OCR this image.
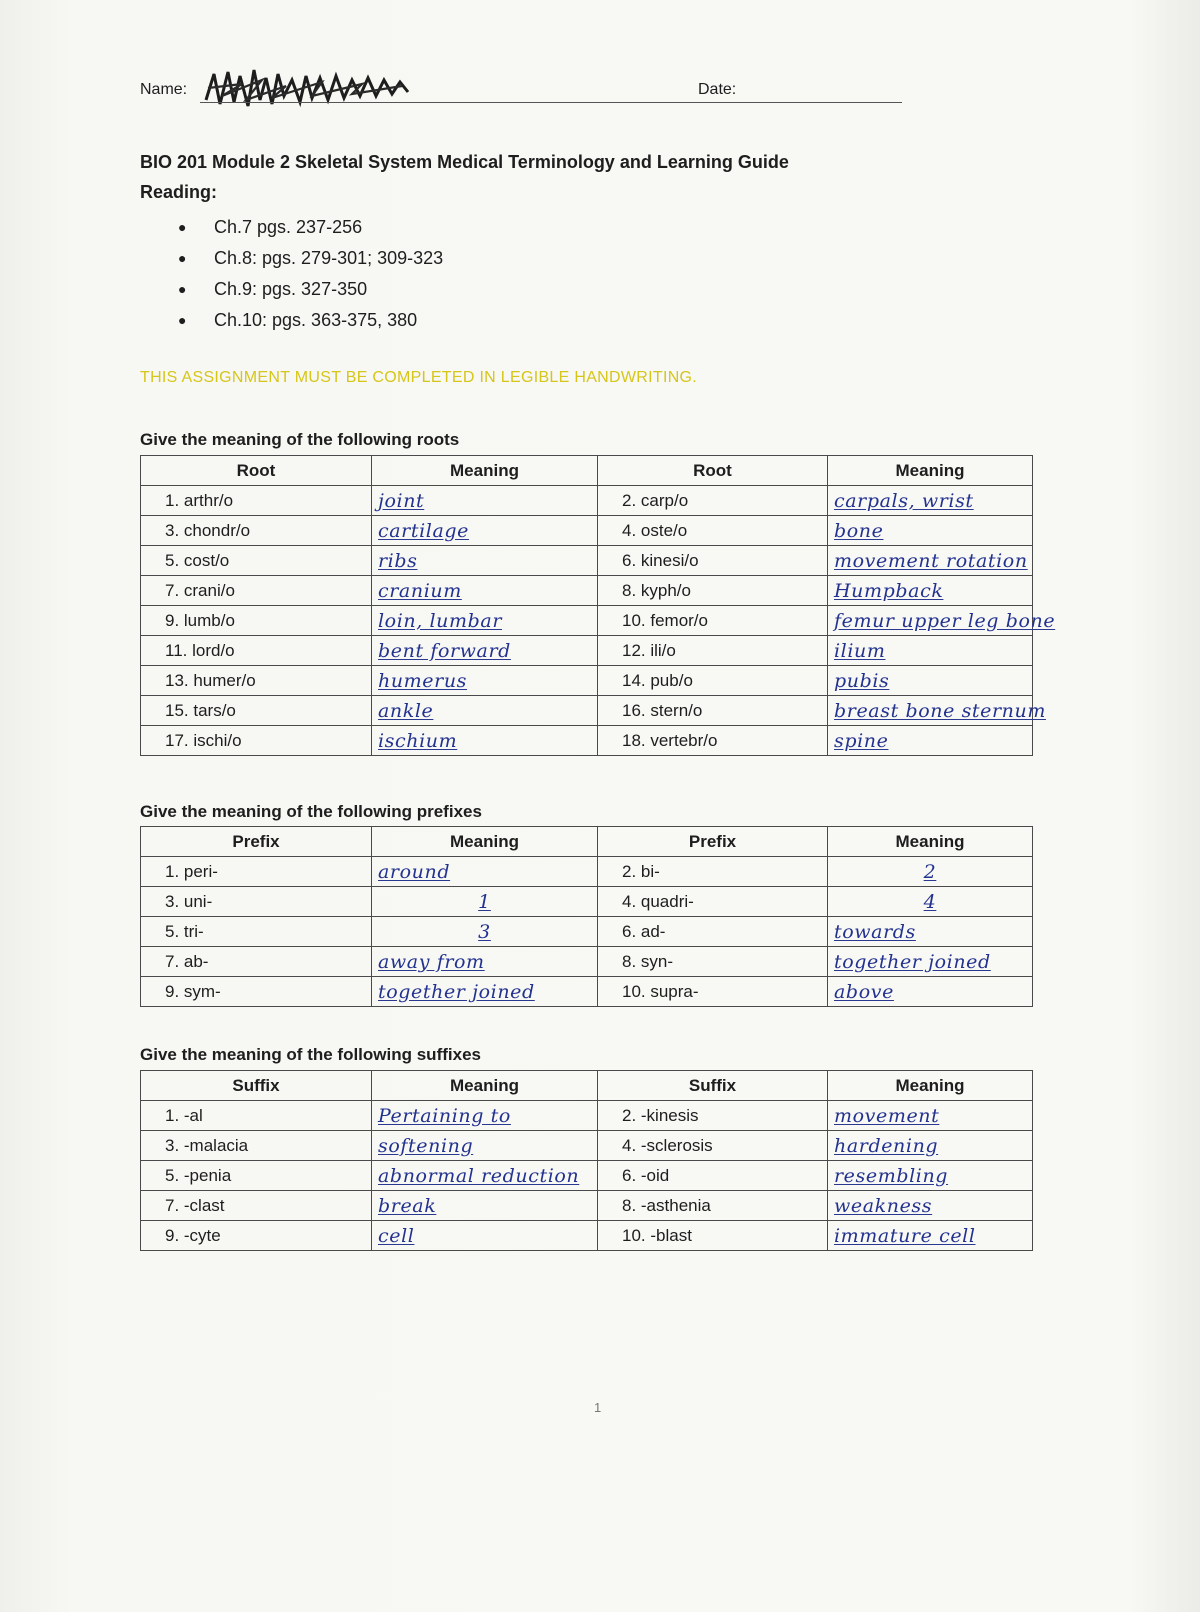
Name:	Date:
BIO 201 Module 2 Skeletal System Medical Terminology and Learning Guide
Reading:
● Ch.7 pgs. 237-256
● Ch.8: pgs. 279-301; 309-323
● Ch.9: pgs. 327-350
● Ch.10: pgs. 363-375, 380
THIS ASSIGNMENT MUST BE COMPLETED IN LEGIBLE HANDWRITING.
Give the meaning of the following roots
Root	Meaning	Root	Meaning
1. arthr/o	joint	2. carp/o	carpals, wrist
3. chondr/o	cartilage	4. oste/o	bone
5. cost/o	ribs	6. kinesi/o	movement rotation
7. crani/o	cranium	8. kyph/o	Humpback
9. lumb/o	loin, lumbar	10. femor/o	femur upper leg bone
11. lord/o	bent forward	12. ili/o	ilium
13. humer/o	humerus	14. pub/o	pubis
15. tars/o	ankle	16. stern/o	breast bone sternum
17. ischi/o	ischium	18. vertebr/o	spine
Give the meaning of the following prefixes
Prefix	Meaning	Prefix	Meaning
1. peri-	around	2. bi-	2
3. uni-	1	4. quadri-	4
5. tri-	3	6. ad-	towards
7. ab-	away from	8. syn-	together joined
9. sym-	together joined	10. supra-	above
Give the meaning of the following suffixes
Suffix	Meaning	Suffix	Meaning
1. -al	Pertaining to	2. -kinesis	movement
3. -malacia	softening	4. -sclerosis	hardening
5. -penia	abnormal reduction	6. -oid	resembling
7. -clast	break	8. -asthenia	weakness
9. -cyte	cell	10. -blast	immature cell
1
